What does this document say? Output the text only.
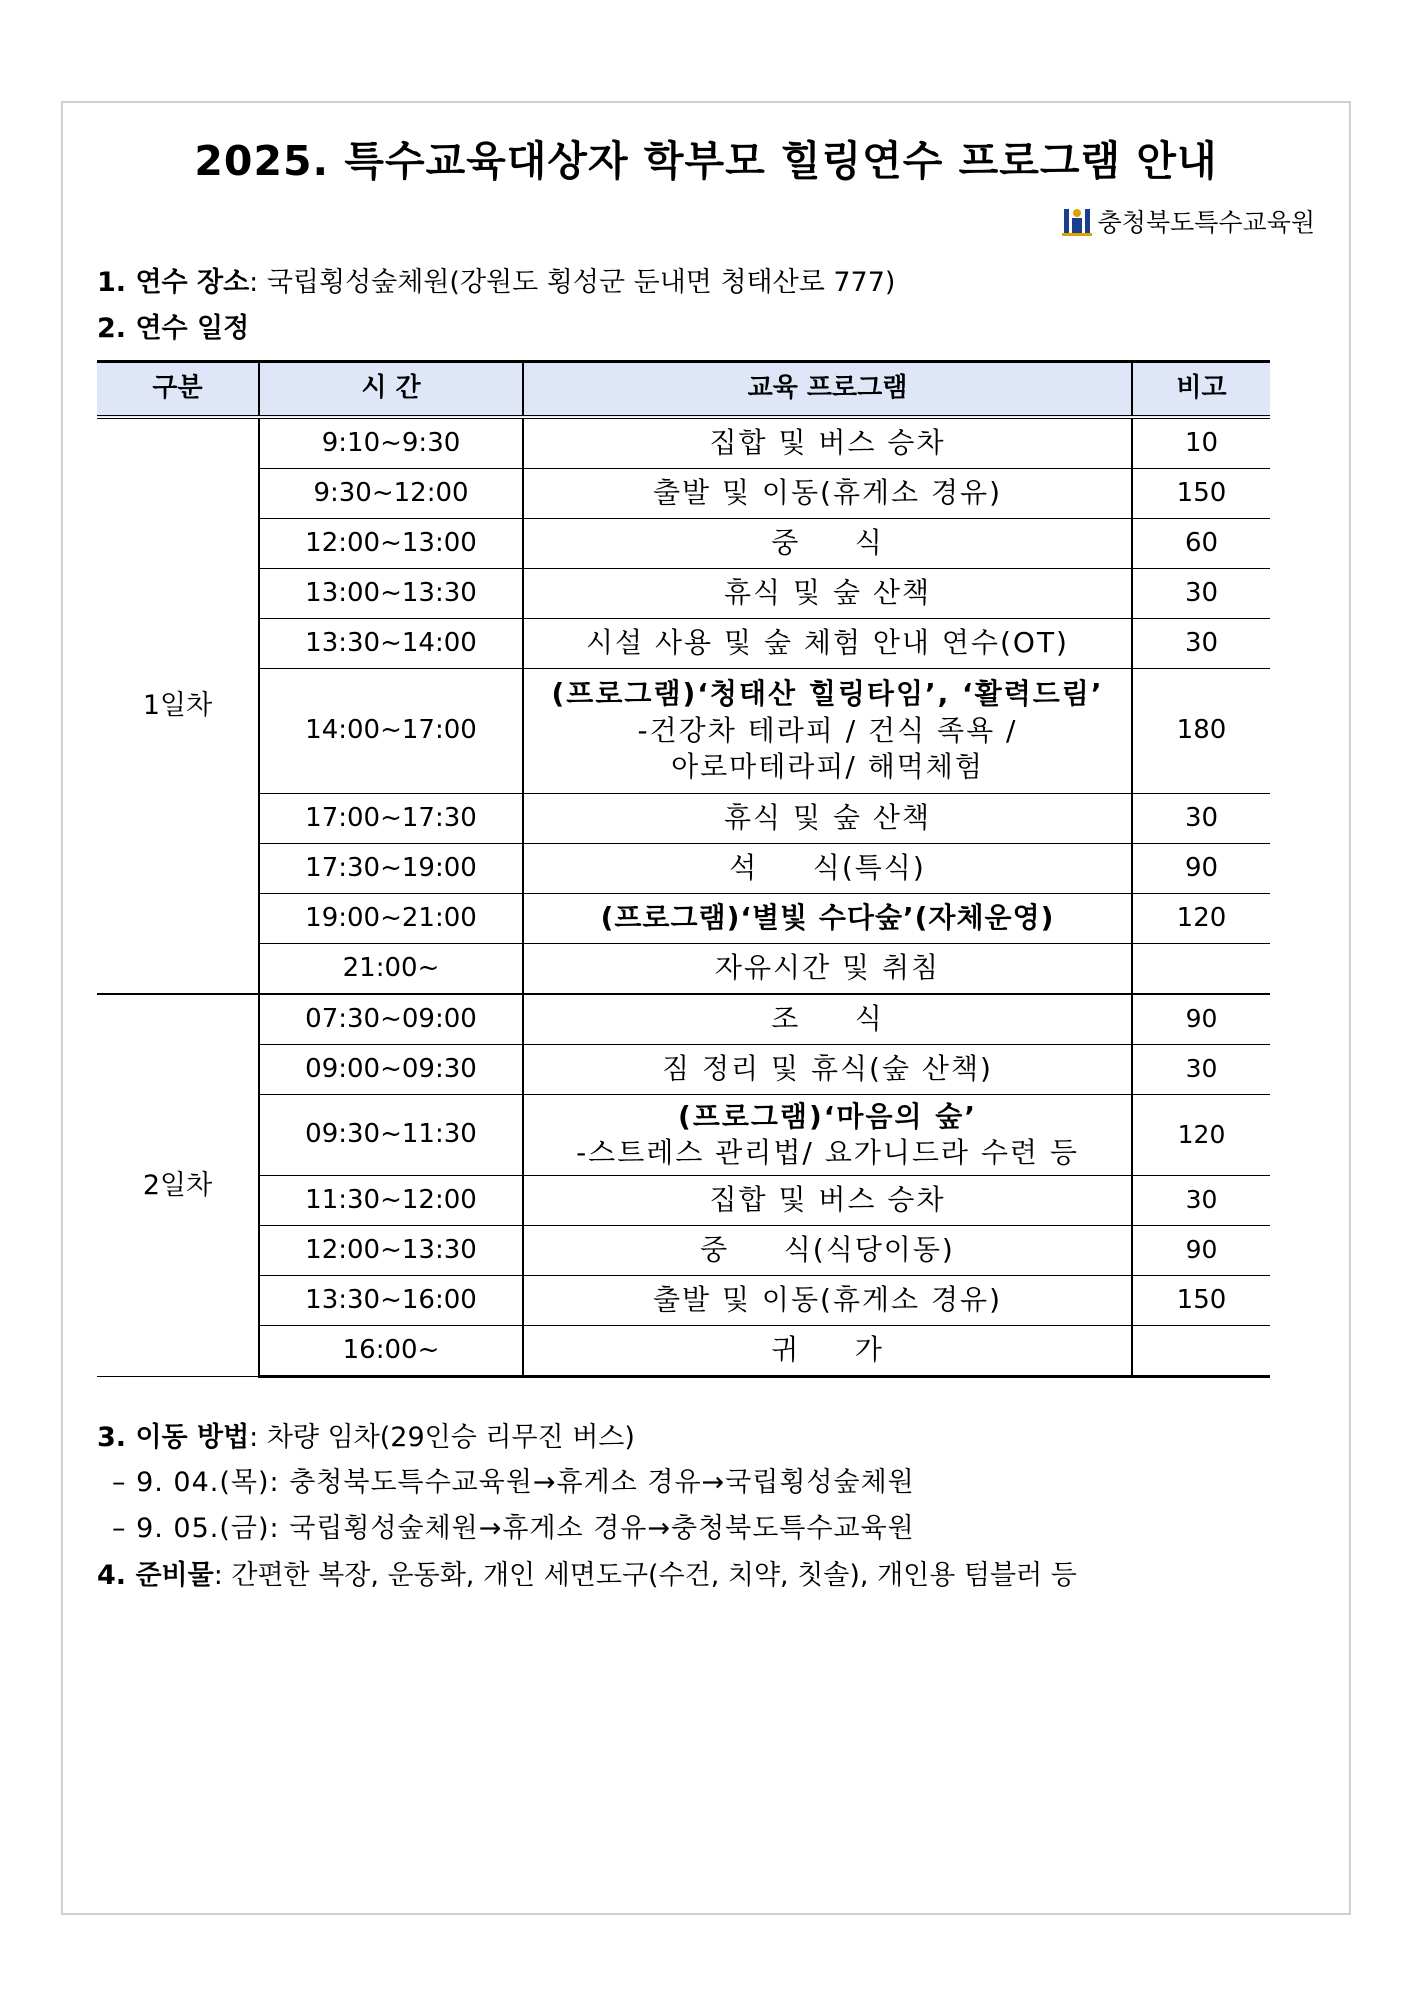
2025. 특수교육대상자 학부모 힐링연수 프로그램 안내
충청북도특수교육원
1. 연수 장소: 국립횡성숲체원(강원도 횡성군 둔내면 청태산로 777)
2. 연수 일정
구분	시 간	교육 프로그램	비고
1일차	9:10~9:30	집합 및 버스 승차	10
	9:30~12:00	출발 및 이동(휴게소 경유)	150
	12:00~13:00	중     식	60
	13:00~13:30	휴식 및 숲 산책	30
	13:30~14:00	시설 사용 및 숲 체험 안내 연수(OT)	30
	14:00~17:00	(프로그램)‘청태산 힐링타임’, ‘활력드림’
-건강차 테라피 / 건식 족욕 /
아로마테라피/ 해먹체험	180
	17:00~17:30	휴식 및 숲 산책	30
	17:30~19:00	석     식(특식)	90
	19:00~21:00	(프로그램)‘별빛 수다숲’(자체운영)	120
	21:00~	자유시간 및 취침	
2일차	07:30~09:00	조     식	90
	09:00~09:30	짐 정리 및 휴식(숲 산책)	30
	09:30~11:30	(프로그램)‘마음의 숲’
-스트레스 관리법/ 요가니드라 수련 등	120
	11:30~12:00	집합 및 버스 승차	30
	12:00~13:30	중     식(식당이동)	90
	13:30~16:00	출발 및 이동(휴게소 경유)	150
	16:00~	귀     가	
3. 이동 방법: 차량 임차(29인승 리무진 버스)
– 9. 04.(목): 충청북도특수교육원→휴게소 경유→국립횡성숲체원
– 9. 05.(금): 국립횡성숲체원→휴게소 경유→충청북도특수교육원
4. 준비물: 간편한 복장, 운동화, 개인 세면도구(수건, 치약, 칫솔), 개인용 텀블러 등
